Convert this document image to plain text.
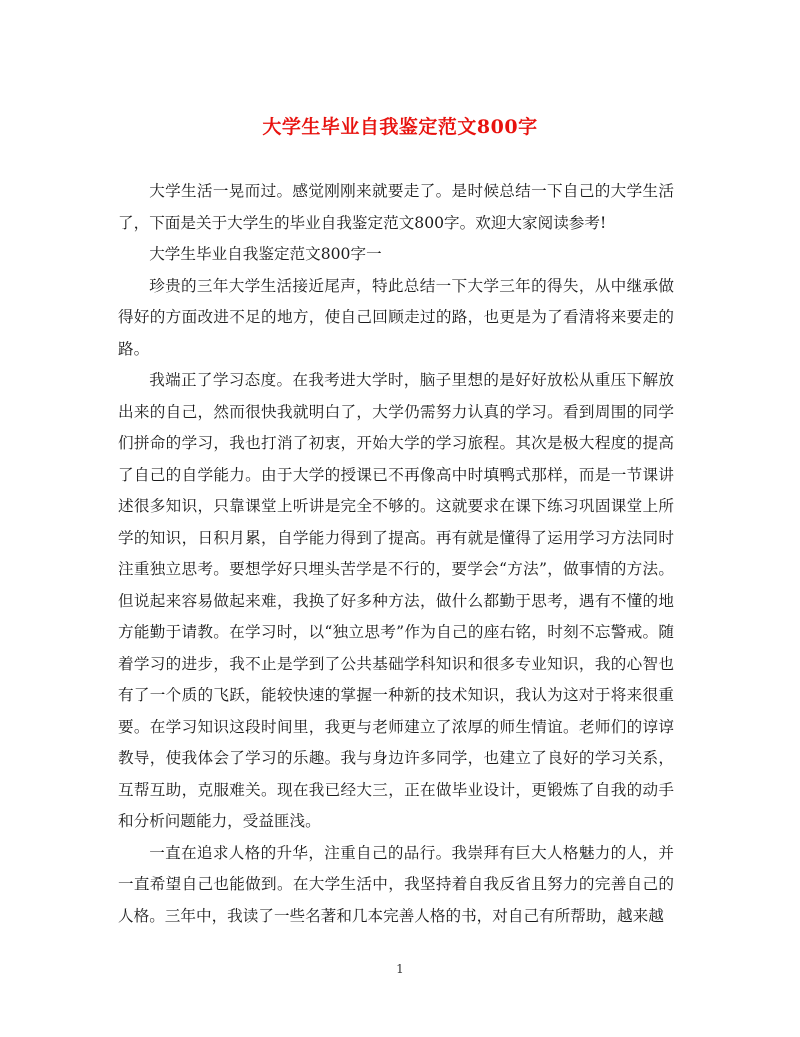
大学生毕业自我鉴定范文800字

大学生活一晃而过。感觉刚刚来就要走了。是时候总结一下自己的大学生活了，下面是关于大学生的毕业自我鉴定范文800字。欢迎大家阅读参考!

大学生毕业自我鉴定范文800字一

珍贵的三年大学生活接近尾声，特此总结一下大学三年的得失，从中继承做得好的方面改进不足的地方，使自己回顾走过的路，也更是为了看清将来要走的路。

我端正了学习态度。在我考进大学时，脑子里想的是好好放松从重压下解放出来的自己，然而很快我就明白了，大学仍需努力认真的学习。看到周围的同学们拼命的学习，我也打消了初衷，开始大学的学习旅程。其次是极大程度的提高了自己的自学能力。由于大学的授课已不再像高中时填鸭式那样，而是一节课讲述很多知识，只靠课堂上听讲是完全不够的。这就要求在课下练习巩固课堂上所学的知识，日积月累，自学能力得到了提高。再有就是懂得了运用学习方法同时注重独立思考。要想学好只埋头苦学是不行的，要学会“方法”，做事情的方法。但说起来容易做起来难，我换了好多种方法，做什么都勤于思考，遇有不懂的地方能勤于请教。在学习时，以“独立思考”作为自己的座右铭，时刻不忘警戒。随着学习的进步，我不止是学到了公共基础学科知识和很多专业知识，我的心智也有了一个质的飞跃，能较快速的掌握一种新的技术知识，我认为这对于将来很重要。在学习知识这段时间里，我更与老师建立了浓厚的师生情谊。老师们的谆谆教导，使我体会了学习的乐趣。我与身边许多同学，也建立了良好的学习关系，互帮互助，克服难关。现在我已经大三，正在做毕业设计，更锻炼了自我的动手和分析问题能力，受益匪浅。

一直在追求人格的升华，注重自己的品行。我崇拜有巨大人格魅力的人，并一直希望自己也能做到。在大学生活中，我坚持着自我反省且努力的完善自己的人格。三年中，我读了一些名著和几本完善人格的书，对自己有所帮助，越来越

1
